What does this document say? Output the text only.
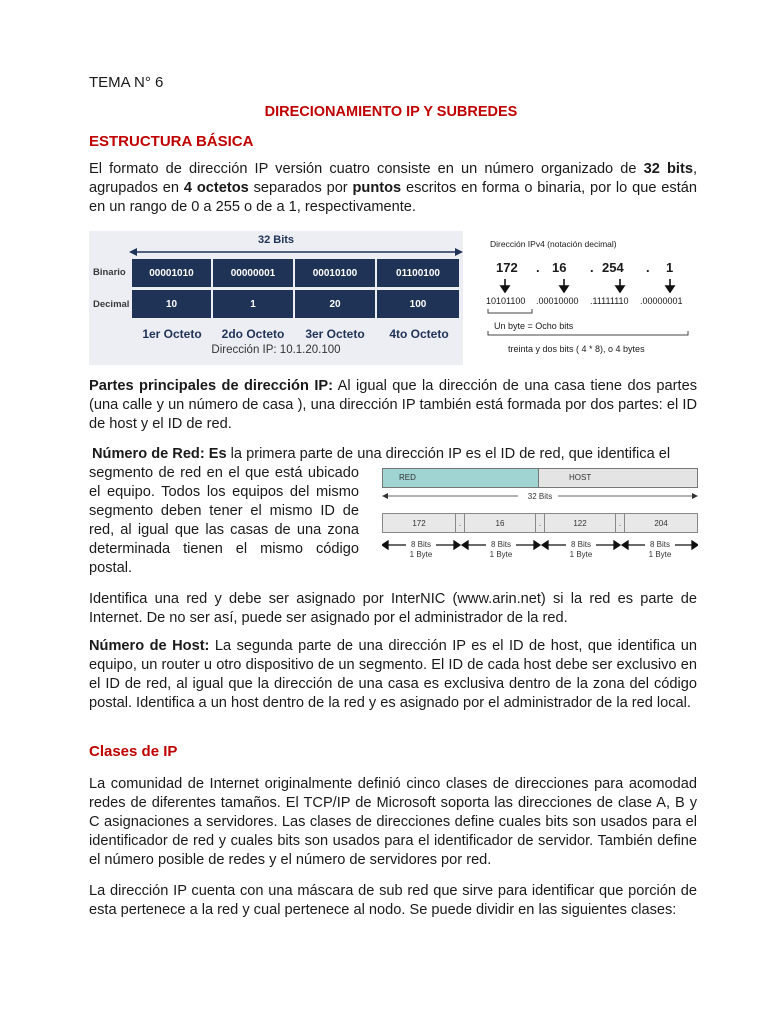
TEMA N° 6
DIRECIONAMIENTO IP Y SUBREDES
ESTRUCTURA BÁSICA
El formato de dirección IP versión cuatro consiste en un número organizado de 32 bits, agrupados en 4 octetos separados por puntos escritos en forma o binaria, por lo que están en un rango de 0 a 255 o de a 1, respectivamente.
32 Bits
Binario
Decimal
00001010	00000001	00010100	01100100
10	1	20	100
1er Octeto	2do Octeto	3er Octeto	4to Octeto
Dirección IP: 10.1.20.100
Dirección IPv4 (notación decimal)
172 . 16 . 254 . 1
10101100 .00010000 .11111110 .00000001
Un byte = Ocho bits
treinta y dos bits ( 4 * 8), o 4 bytes
Partes principales de dirección IP: Al igual que la dirección de una casa tiene dos partes (una calle y un número de casa ), una dirección IP también está formada por dos partes: el ID de host y el ID de red.
Número de Red: Es la primera parte de una dirección IP es el ID de red, que identifica el
segmento de red en el que está ubicado
el equipo. Todos los equipos del mismo
segmento deben tener el mismo ID de
red, al igual que las casas de una zona
determinada tienen el mismo código
postal.
RED	HOST
32 Bits
172	.	16	.	122	.	204
8 Bits
1 Byte
8 Bits
1 Byte
8 Bits
1 Byte
8 Bits
1 Byte
Identifica una red y debe ser asignado por InterNIC (www.arin.net) si la red es parte de Internet. De no ser así, puede ser asignado por el administrador de la red.
Número de Host: La segunda parte de una dirección IP es el ID de host, que identifica un equipo, un router u otro dispositivo de un segmento. El ID de cada host debe ser exclusivo en el ID de red, al igual que la dirección de una casa es exclusiva dentro de la zona del código postal. Identifica a un host dentro de la red y es asignado por el administrador de la red local.
Clases de IP
La comunidad de Internet originalmente definió cinco clases de direcciones para acomodad redes de diferentes tamaños. El TCP/IP de Microsoft soporta las direcciones de clase A, B y C asignaciones a servidores. Las clases de direcciones define cuales bits son usados para el identificador de red y cuales bits son usados para el identificador de servidor. También define el número posible de redes y el número de servidores por red.
La dirección IP cuenta con una máscara de sub red que sirve para identificar que porción de esta pertenece a la red y cual pertenece al nodo. Se puede dividir en las siguientes clases:
